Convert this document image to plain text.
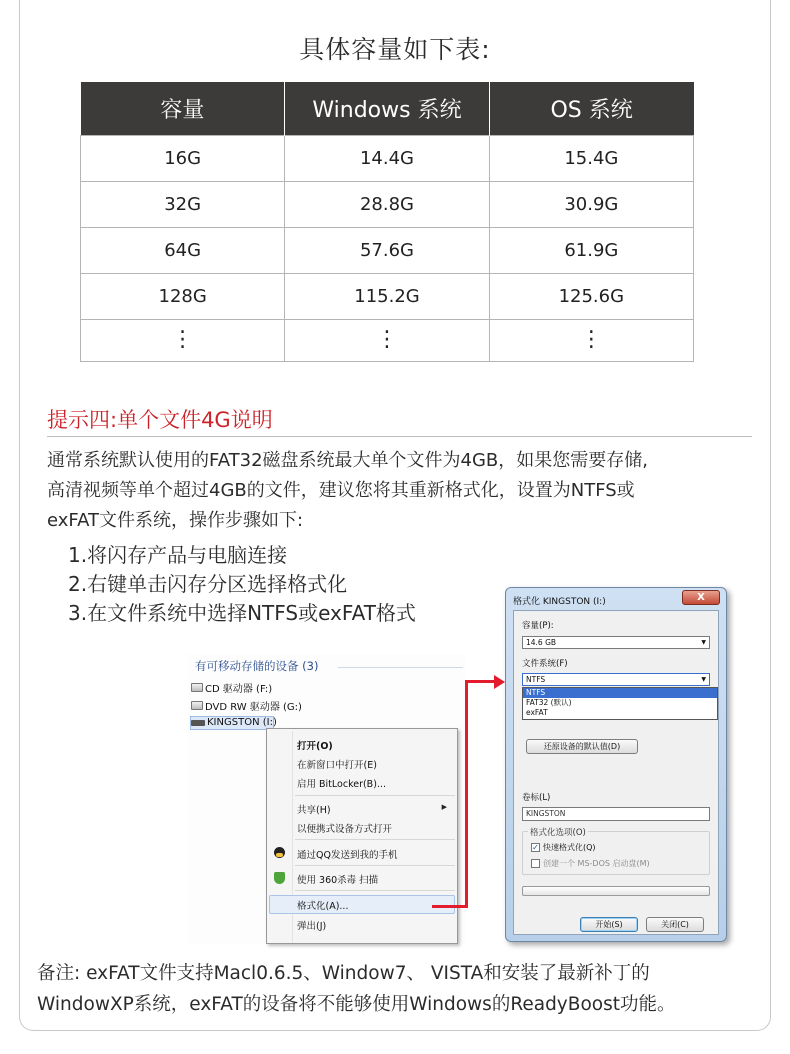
具体容量如下表:
容量	Windows 系统	OS 系统
16G	14.4G	15.4G
32G	28.8G	30.9G
64G	57.6G	61.9G
128G	115.2G	125.6G
⋮	⋮	⋮
提示四:单个文件4G说明
通常系统默认使用的FAT32磁盘系统最大单个文件为4GB，如果您需要存储,
高清视频等单个超过4GB的文件，建议您将其重新格式化，设置为NTFS或
exFAT文件系统，操作步骤如下:
1.将闪存产品与电脑连接
2.右键单击闪存分区选择格式化
3.在文件系统中选择NTFS或exFAT格式
有可移动存储的设备 (3)
CD 驱动器 (F:)
DVD RW 驱动器 (G:)
KINGSTON (I:)
打开(O)
在新窗口中打开(E)
启用 BitLocker(B)...
共享(H)	▶
以便携式设备方式打开
通过QQ发送到我的手机
使用 360杀毒 扫描
格式化(A)...
弹出(J)
格式化 KINGSTON (I:)	X
容量(P):
14.6 GB	▼
文件系统(F)
NTFS	▼
NTFS
FAT32 (默认)
exFAT
还原设备的默认值(D)
卷标(L)
KINGSTON
格式化选项(O)
✓ 快速格式化(Q)
创建一个 MS-DOS 启动盘(M)
开始(S)	关闭(C)
备注: exFAT文件支持Macl0.6.5、Window7、 VISTA和安装了最新补丁的
WindowXP系统，exFAT的设备将不能够使用Windows的ReadyBoost功能。
